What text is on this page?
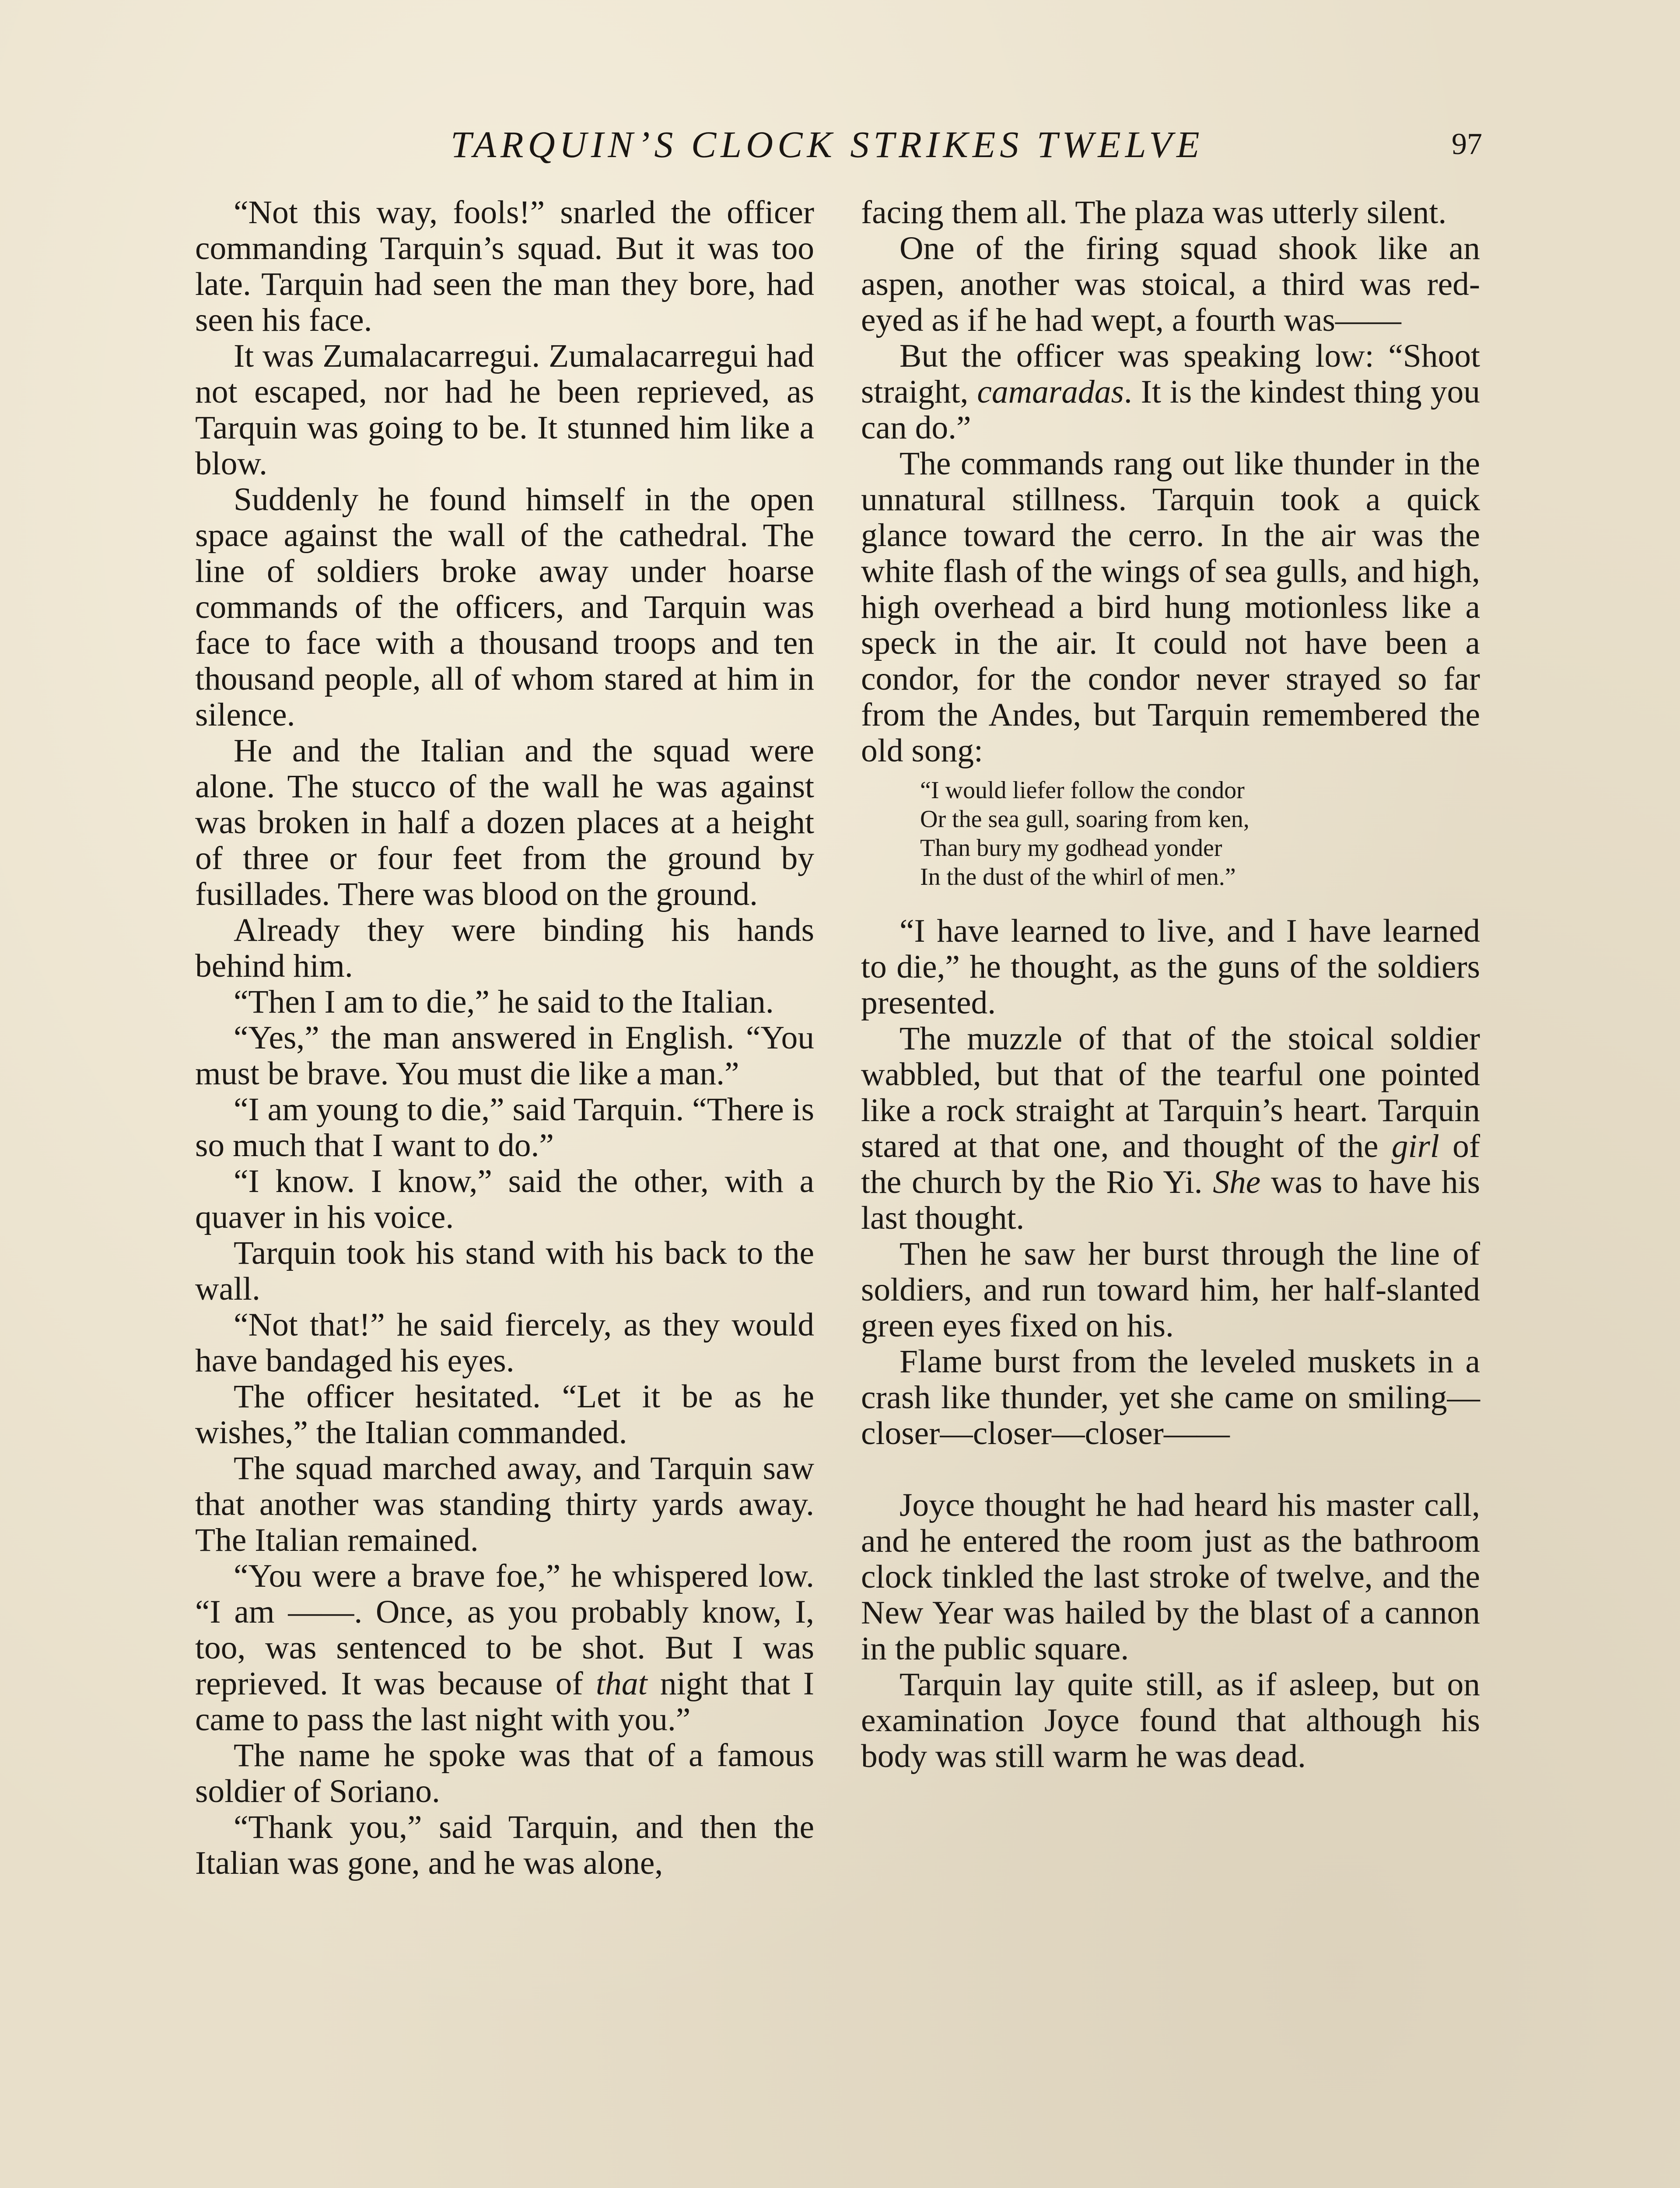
TARQUIN’S CLOCK STRIKES TWELVE	97

“Not this way, fools!” snarled the officer commanding Tarquin’s squad. But it was too late. Tarquin had seen the man they bore, had seen his face.

It was Zumalacarregui. Zumalacarregui had not escaped, nor had he been reprieved, as Tarquin was going to be. It stunned him like a blow.

Suddenly he found himself in the open space against the wall of the cathedral. The line of soldiers broke away under hoarse commands of the officers, and Tarquin was face to face with a thousand troops and ten thousand people, all of whom stared at him in silence.

He and the Italian and the squad were alone. The stucco of the wall he was against was broken in half a dozen places at a height of three or four feet from the ground by fusillades. There was blood on the ground.

Already they were binding his hands behind him.

“Then I am to die,” he said to the Italian.

“Yes,” the man answered in English. “You must be brave. You must die like a man.”

“I am young to die,” said Tarquin. “There is so much that I want to do.”

“I know. I know,” said the other, with a quaver in his voice.

Tarquin took his stand with his back to the wall.

“Not that!” he said fiercely, as they would have bandaged his eyes.

The officer hesitated. “Let it be as he wishes,” the Italian commanded.

The squad marched away, and Tarquin saw that another was standing thirty yards away. The Italian remained.

“You were a brave foe,” he whispered low. “I am ——. Once, as you probably know, I, too, was sentenced to be shot. But I was reprieved. It was because of that night that I came to pass the last night with you.”

The name he spoke was that of a famous soldier of Soriano.

“Thank you,” said Tarquin, and then the Italian was gone, and he was alone,

facing them all. The plaza was utterly silent.

One of the firing squad shook like an aspen, another was stoical, a third was red-eyed as if he had wept, a fourth was——

But the officer was speaking low: “Shoot straight, camaradas. It is the kindest thing you can do.”

The commands rang out like thunder in the unnatural stillness. Tarquin took a quick glance toward the cerro. In the air was the white flash of the wings of sea gulls, and high, high overhead a bird hung motionless like a speck in the air. It could not have been a condor, for the condor never strayed so far from the Andes, but Tarquin remembered the old song:

“I would liefer follow the condor
Or the sea gull, soaring from ken,
Than bury my godhead yonder
In the dust of the whirl of men.”

“I have learned to live, and I have learned to die,” he thought, as the guns of the soldiers presented.

The muzzle of that of the stoical soldier wabbled, but that of the tearful one pointed like a rock straight at Tarquin’s heart. Tarquin stared at that one, and thought of the girl of the church by the Rio Yi. She was to have his last thought.

Then he saw her burst through the line of soldiers, and run toward him, her half-slanted green eyes fixed on his.

Flame burst from the leveled muskets in a crash like thunder, yet she came on smiling—closer—closer—closer——

Joyce thought he had heard his master call, and he entered the room just as the bathroom clock tinkled the last stroke of twelve, and the New Year was hailed by the blast of a cannon in the public square.

Tarquin lay quite still, as if asleep, but on examination Joyce found that although his body was still warm he was dead.
